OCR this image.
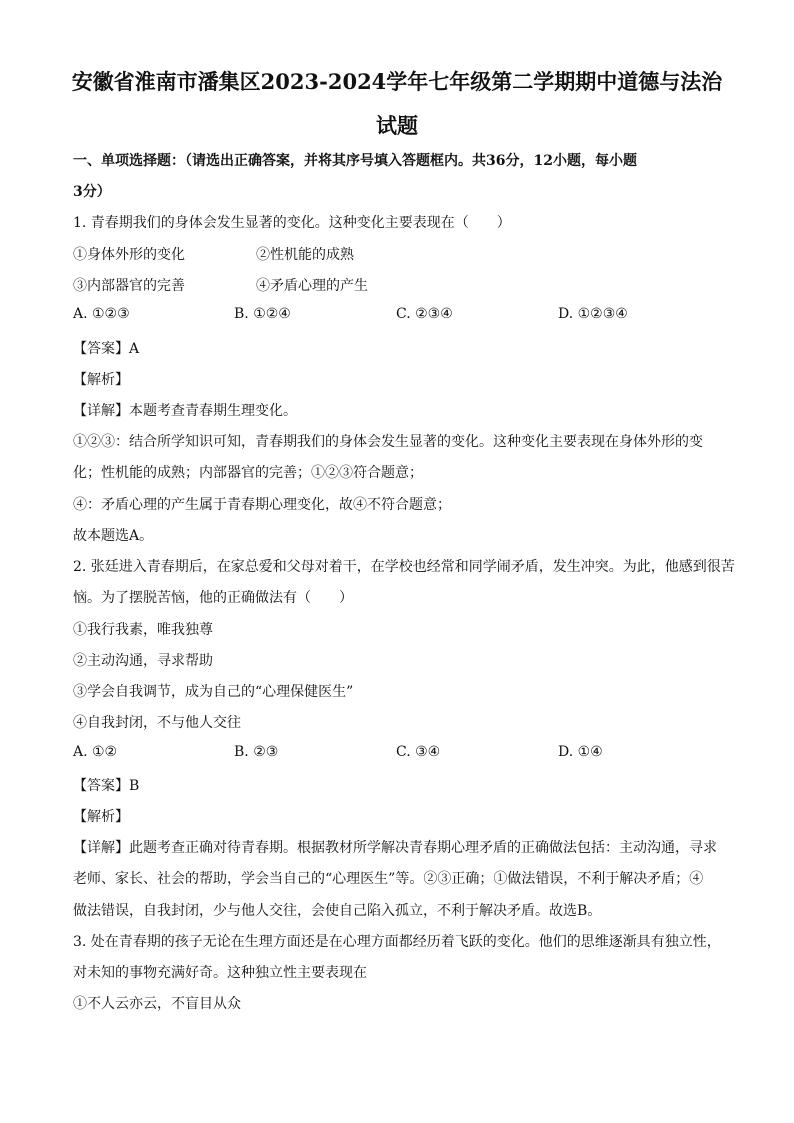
安徽省淮南市潘集区2023-2024学年七年级第二学期期中道德与法治
试题
一、单项选择题：（请选出正确答案，并将其序号填入答题框内。共36分，12小题，每小题
3分）
1. 青春期我们的身体会发生显著的变化。这种变化主要表现在（　　）
①身体外形的变化	②性机能的成熟
③内部器官的完善	④矛盾心理的产生
A. ①②③	B. ①②④	C. ②③④	D. ①②③④
【答案】A
【解析】
【详解】本题考查青春期生理变化。
①②③：结合所学知识可知，青春期我们的身体会发生显著的变化。这种变化主要表现在身体外形的变
化；性机能的成熟；内部器官的完善；①②③符合题意；
④：矛盾心理的产生属于青春期心理变化，故④不符合题意；
故本题选A。
2. 张廷进入青春期后，在家总爱和父母对着干，在学校也经常和同学闹矛盾，发生冲突。为此，他感到很苦
恼。为了摆脱苦恼，他的正确做法有（　　）
①我行我素，唯我独尊
②主动沟通，寻求帮助
③学会自我调节，成为自己的“心理保健医生”
④自我封闭，不与他人交往
A. ①②	B. ②③	C. ③④	D. ①④
【答案】B
【解析】
【详解】此题考查正确对待青春期。根据教材所学解决青春期心理矛盾的正确做法包括：主动沟通，寻求
老师、家长、社会的帮助，学会当自己的“心理医生”等。②③正确；①做法错误，不利于解决矛盾；④
做法错误，自我封闭，少与他人交往，会使自己陷入孤立，不利于解决矛盾。故选B。
3. 处在青春期的孩子无论在生理方面还是在心理方面都经历着飞跃的变化。他们的思维逐渐具有独立性，
对未知的事物充满好奇。这种独立性主要表现在
①不人云亦云，不盲目从众
